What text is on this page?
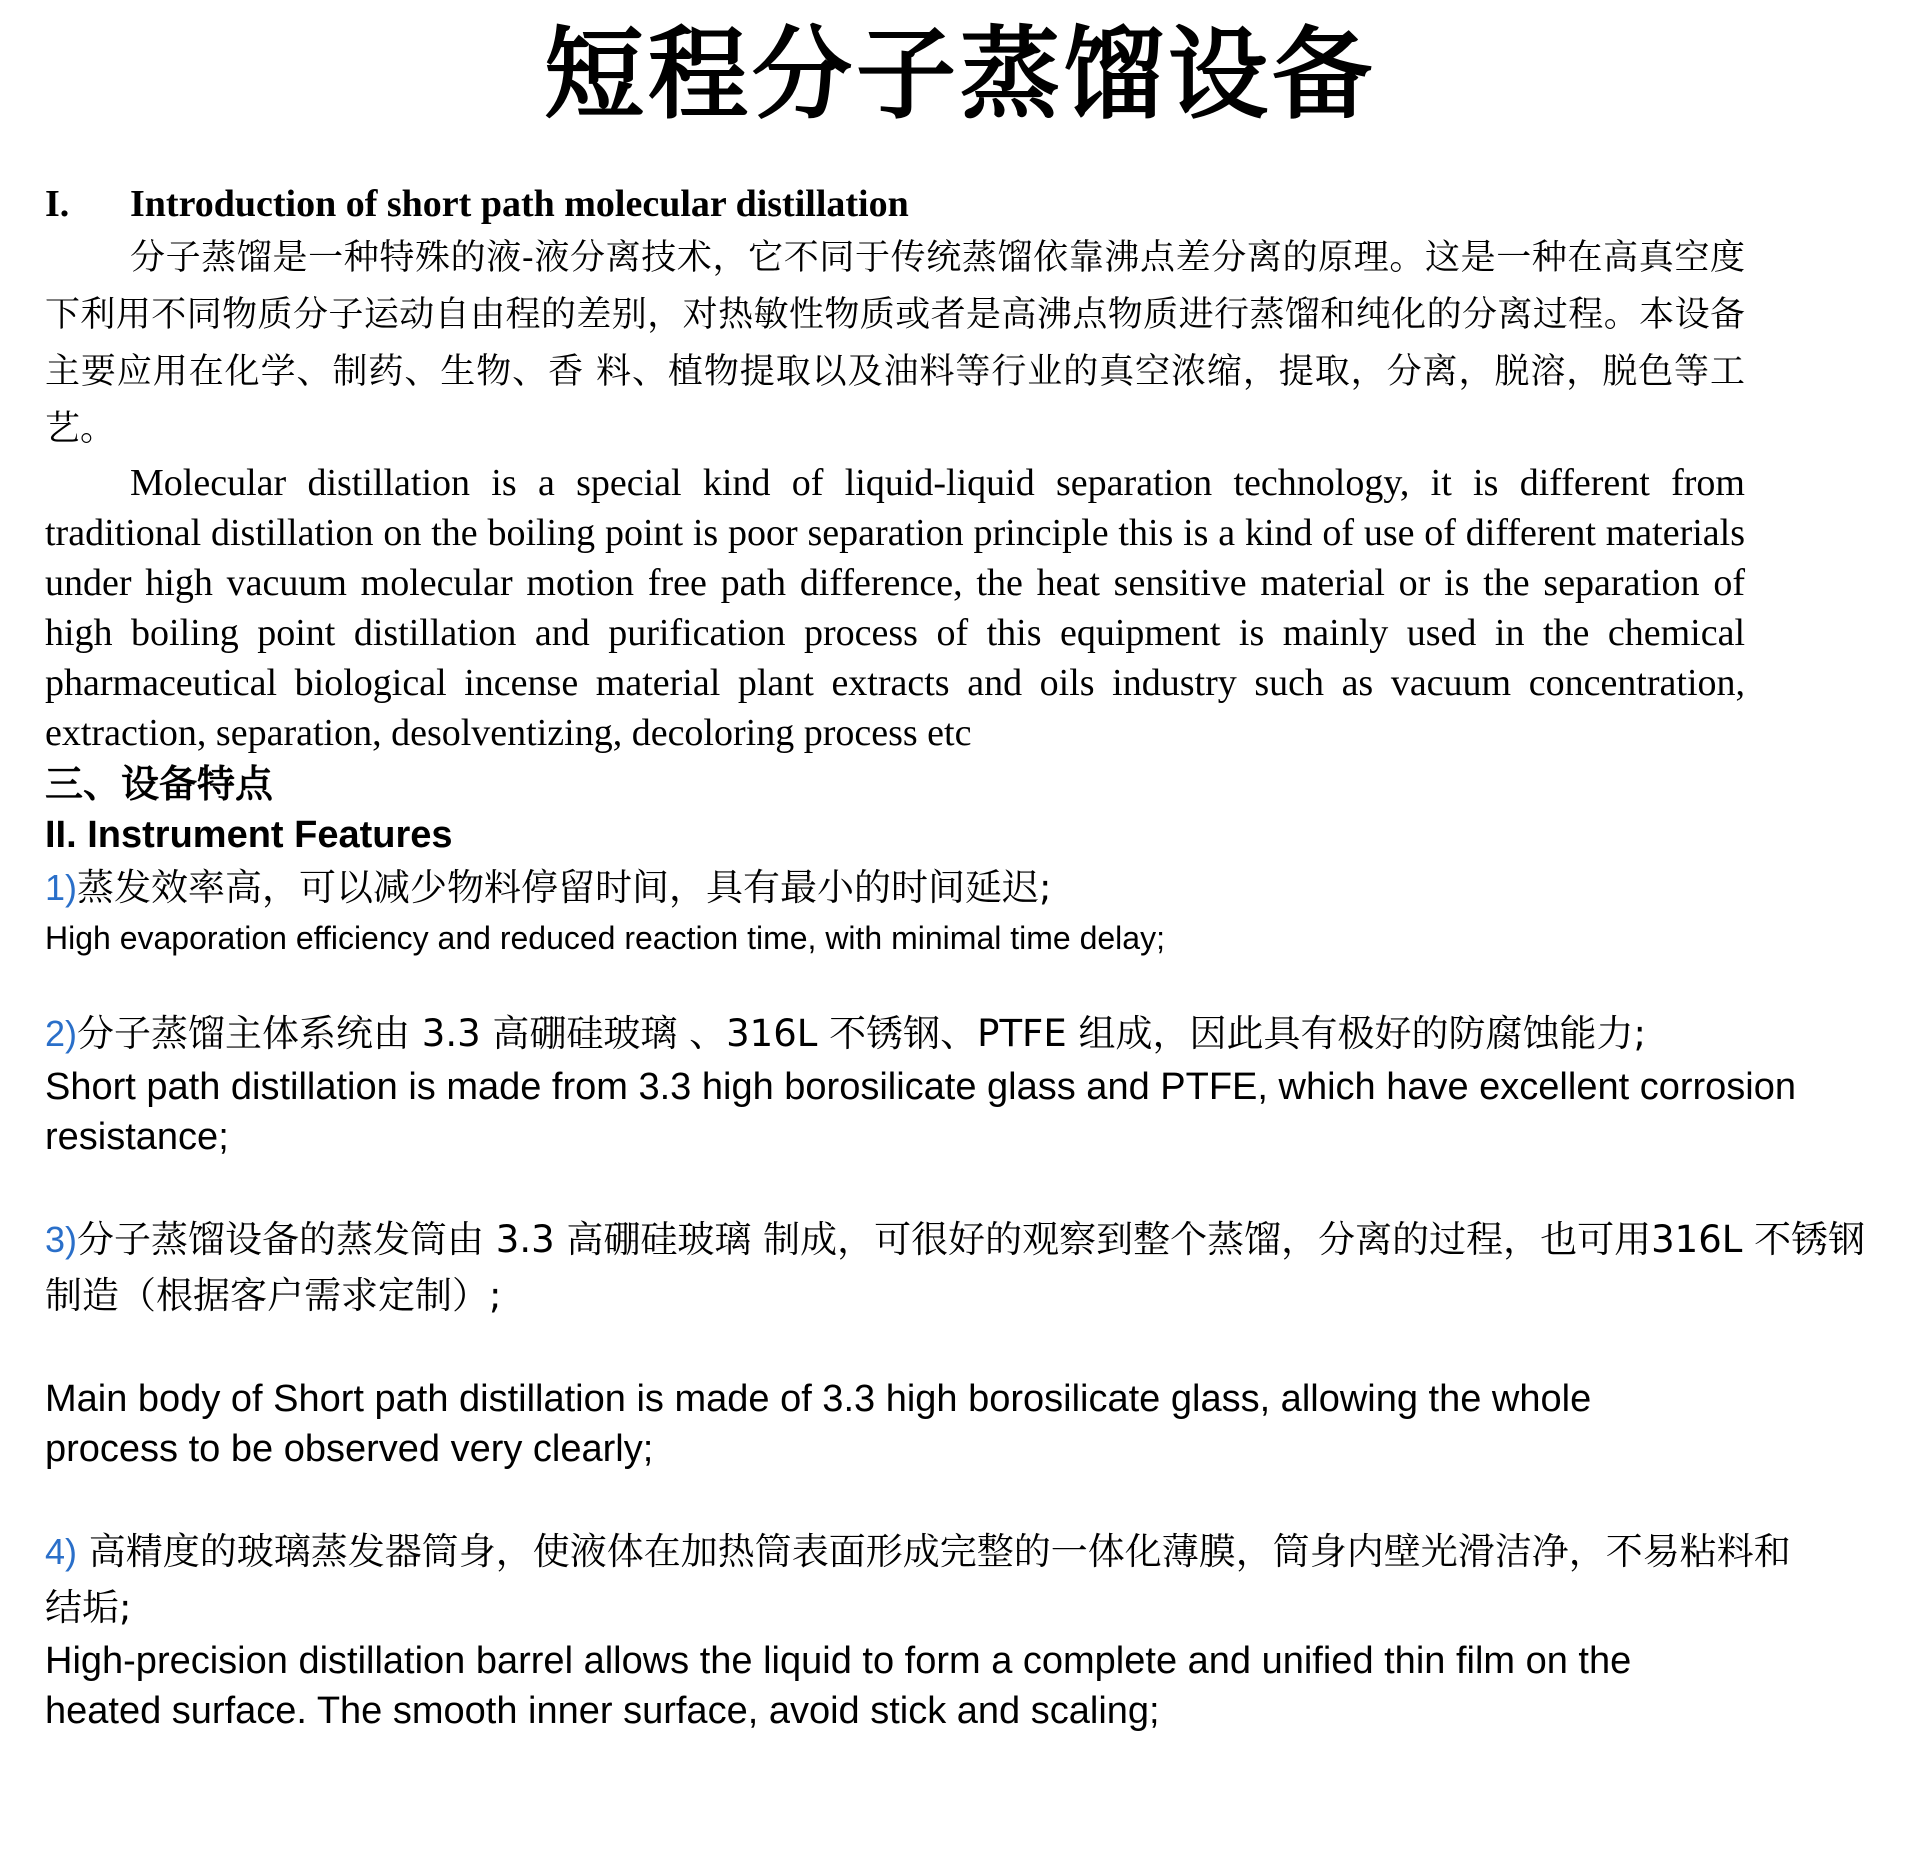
短程分子蒸馏设备
I.	Introduction of short path molecular distillation

分子蒸馏是一种特殊的液-液分离技术，它不同于传统蒸馏依靠沸点差分离的原理。这是一种在高真空度下利用不同物质分子运动自由程的差别，对热敏性物质或者是高沸点物质进行蒸馏和纯化的分离过程。本设备主要应用在化学、制药、生物、香 料、植物提取以及油料等行业的真空浓缩，提取，分离，脱溶，脱色等工艺。

Molecular distillation is a special kind of liquid-liquid separation technology, it is different from traditional distillation on the boiling point is poor separation principle this is a kind of use of different materials under high vacuum molecular motion free path difference, the heat sensitive material or is the separation of high boiling point distillation and purification process of this equipment is mainly used in the chemical pharmaceutical biological incense material plant extracts and oils industry such as vacuum concentration, extraction, separation, desolventizing, decoloring process etc

三、设备特点
II. Instrument Features
1)蒸发效率高，可以减少物料停留时间，具有最小的时间延迟;
High evaporation efficiency and reduced reaction time, with minimal time delay;
2)分子蒸馏主体系统由 3.3 高硼硅玻璃 、316L 不锈钢、PTFE 组成，因此具有极好的防腐蚀能力;
Short path distillation is made from 3.3 high borosilicate glass and PTFE, which have excellent corrosion resistance;
3)分子蒸馏设备的蒸发筒由 3.3 高硼硅玻璃 制成，可很好的观察到整个蒸馏，分离的过程，也可用316L 不锈钢制造（根据客户需求定制）;
Main body of Short path distillation is made of 3.3 high borosilicate glass, allowing the whole process to be observed very clearly;
4) 高精度的玻璃蒸发器筒身，使液体在加热筒表面形成完整的一体化薄膜，筒身内壁光滑洁净，不易粘料和结垢;
High-precision distillation barrel allows the liquid to form a complete and unified thin film on the heated surface. The smooth inner surface, avoid stick and scaling;
